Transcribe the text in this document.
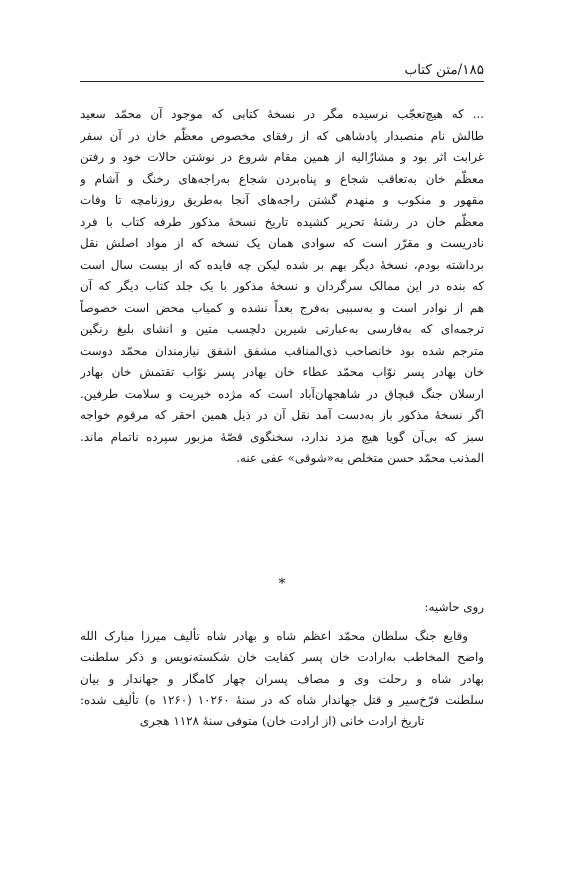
۱۸۵/متن کتاب
... که هیچ‌تعجّب نرسیده مگر در نسخهٔ کتابی که موجود آن محمّد سعید
طالش نام منصبدار پادشاهی که از رفقای مخصوص معظّم خان در آن سفر
غرابت اثر بود و مشارٌالیه از همین مقام شروع در نوشتن حالات خود و رفتن
معظّم خان به‌تعاقب شجاع و پناه‌بردن شجاع به‌راجه‌های رخنگ و آشام و
مقهور و منکوب و منهدم گشتن راجه‌های آنجا به‌طریق روزنامچه تا وفات
معظّم خان در رشتهٔ تحریر کشیده تاریخ نسخهٔ مذکور طرفه کتاب با فرد
نادریست و مقرّر است که سوادی همان یک نسخه که از مواد اصلش نقل
برداشته بودم، نسخهٔ دیگر بهم بر شده لیکن چه فایده که از بیست سال است
که بنده در این ممالک سرگردان و نسخهٔ مذکور با یک جلد کتاب دیگر که آن
هم از نوادر است و به‌سببی به‌فرج بعداً نشده و کمیاب محض است خصوصاً
ترجمه‌ای که به‌فارسی به‌عبارتی شیرین دلچسب متین و انشای بلیغ رنگین
مترجم شده بود خانصاحب ذی‌المناقب مشفق اشفق نیازمندان محمّد دوست
خان بهادر پسر نوّاب محمّد عطاء خان بهادر پسر نوّاب تقتمش خان بهادر
ارسلان جنگ قبچاق در شاهجهان‌آباد است که مژده خیریت و سلامت طرفین.
اگر نسخهٔ مذکور باز به‌دست آمد نقل آن در ذیل همین احقر که مرقوم خواجه
سبز که بی‌آن گویا هیچ مزد ندارد، سخنگوی قصّهٔ مزبور سپرده ناتمام ماند.
المذنب محمّد حسن متخلص به«شوقی» عفی عنه.
*
روی حاشیه:
وقایع جنگ سلطان محمّد اعظم شاه و بهادر شاه تألیف میرزا مبارک الله
واضح المخاطب به‌ارادت خان پسر کفایت خان شکسته‌نویس و ذکر سلطنت
بهادر شاه و رحلت وی و مصاف پسران چهار کامگار و جهاندار و بیان
سلطنت فرّخ‌سیر و قتل جهاندار شاه که در سنهٔ ۱۰۲۶۰ (۱۲۶۰ ه) تألیف شده:
تاریخ ارادت خانی (از ارادت خان) متوفی سنهٔ ۱۱۲۸ هجری
